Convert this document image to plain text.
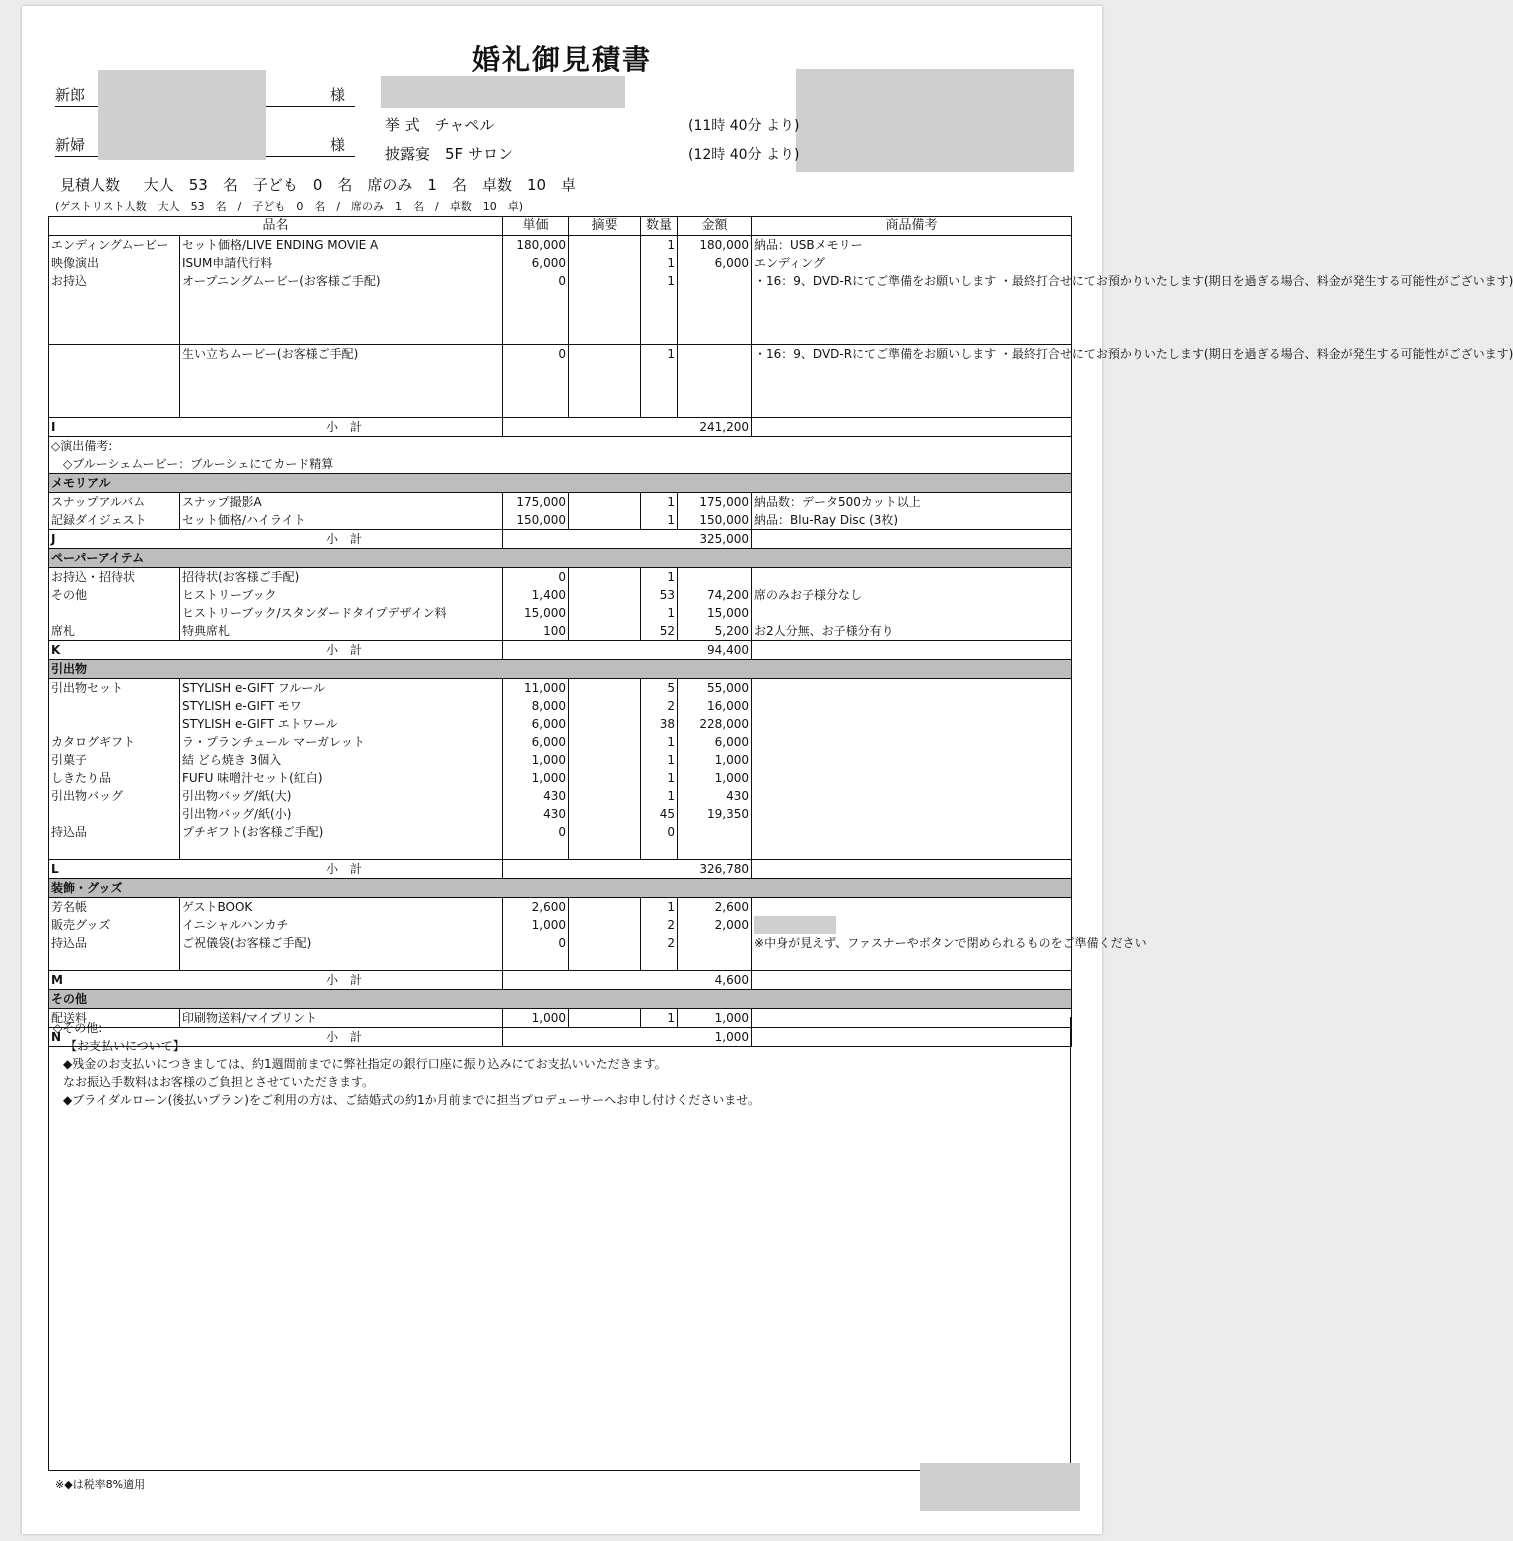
婚礼御見積書
新郎	様
新婦	様
挙 式　チャペル
披露宴　5F サロン
(11時 40分 より)
(12時 40分 より)
見積人数　 大人　53　名　子ども　0　名　席のみ　1　名　卓数　10　卓
(ゲストリスト人数　大人　53　名　/　子ども　0　名　/　席のみ　1　名　/　卓数　10　卓)
品名		単価	摘要	数量	金額	商品備考
エンディングムービー	セット価格/LIVE ENDING MOVIE A	180,000		1	180,000	納品：USBメモリー
映像演出	ISUM申請代行料	6,000		1	6,000	エンディング
お持込	オープニングムービー(お客様ご手配)	0		1		・16：9、DVD-Rにてご準備をお願いします ・最終打合せにてお預かりいたします(期日を過ぎる場合、料金が発生する可能性がございます)
	生い立ちムービー(お客様ご手配)	0		1		・16：9、DVD-Rにてご準備をお願いします ・最終打合せにてお預かりいたします(期日を過ぎる場合、料金が発生する可能性がございます)
I	小　計	241,200				

◇演出備考:
◇ブルーシェムービー：ブルーシェにてカード精算						

メモリアル						
スナップアルバム	スナップ撮影A	175,000		1	175,000	納品数：データ500カット以上
記録ダイジェスト	セット価格/ハイライト	150,000		1	150,000	納品：Blu-Ray Disc (3枚)
J	小　計	325,000				
ペーパーアイテム						
お持込・招待状	招待状(お客様ご手配)	0		1		
その他	ヒストリーブック	1,400		53	74,200	席のみお子様分なし
	ヒストリーブック/スタンダードタイプデザイン料	15,000		1	15,000	
席札	特典席札	100		52	5,200	お2人分無、お子様分有り
K	小　計	94,400				
引出物						
引出物セット	STYLISH e-GIFT フルール	11,000		5	55,000	
	STYLISH e-GIFT モワ	8,000		2	16,000	
	STYLISH e-GIFT エトワール	6,000		38	228,000	
カタログギフト	ラ・プランチュール マーガレット	6,000		1	6,000	
引菓子	結 どら焼き 3個入	1,000		1	1,000	
しきたり品	FUFU 味噌汁セット(紅白)	1,000		1	1,000	
引出物バッグ	引出物バッグ/紙(大)	430		1	430	
	引出物バッグ/紙(小)	430		45	19,350	
持込品	プチギフト(お客様ご手配)	0		0		

L	小　計	326,780				
装飾・グッズ						
芳名帳	ゲストBOOK	2,600		1	2,600	
販売グッズ	イニシャルハンカチ	1,000		2	2,000	
持込品	ご祝儀袋(お客様ご手配)	0		2		※中身が見えず、ファスナーやボタンで閉められるものをご準備ください
M	小　計	4,600				
その他						
配送料	印刷物送料/マイプリント	1,000		1	1,000	
N	小　計	1,000				
◇その他:
【お支払いについて】
◆残金のお支払いにつきましては、約1週間前までに弊社指定の銀行口座に振り込みにてお支払いいただきます。
なお振込手数料はお客様のご負担とさせていただきます。
◆ブライダルローン(後払いプラン)をご利用の方は、ご結婚式の約1か月前までに担当プロデューサーへお申し付けくださいませ。
※◆は税率8%適用
